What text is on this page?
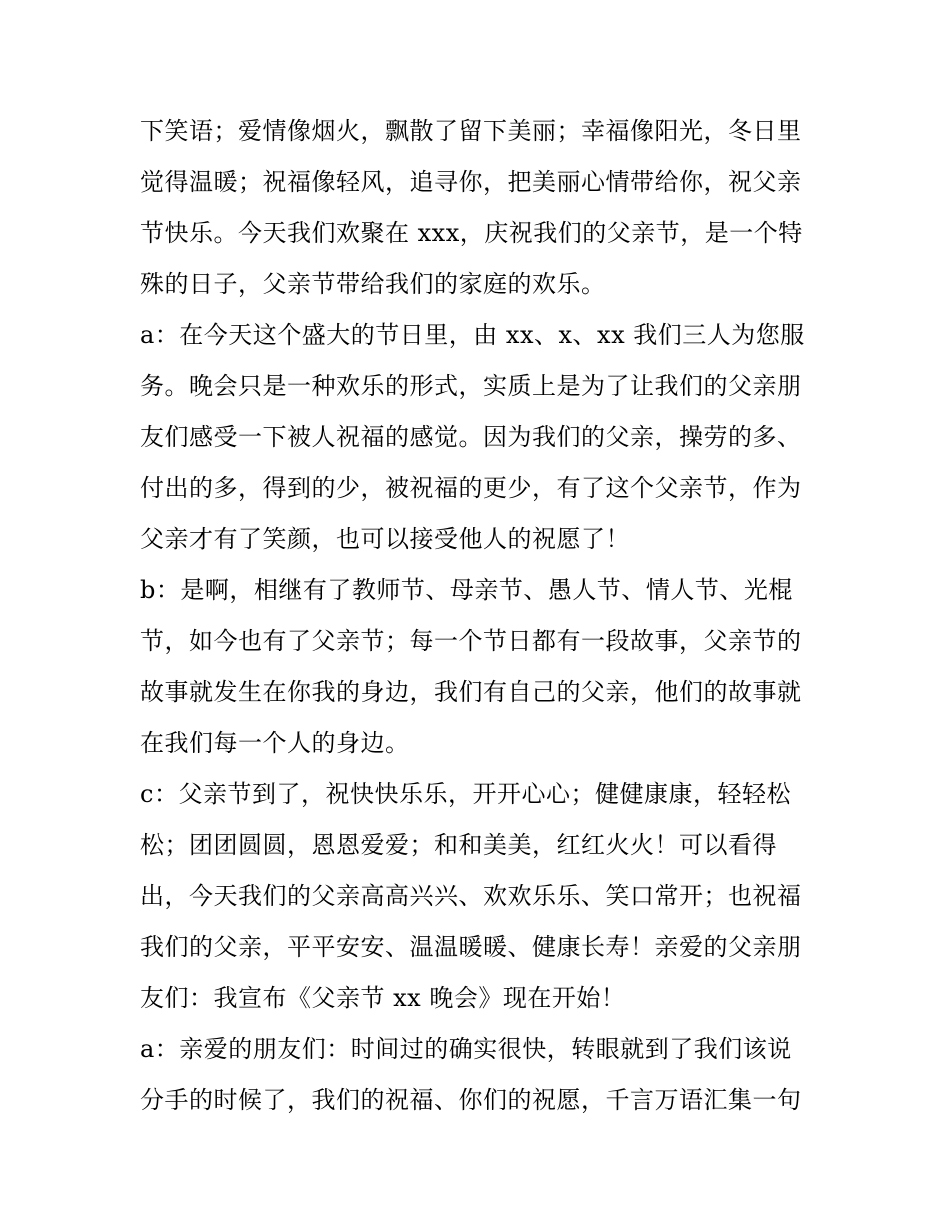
下笑语；爱情像烟火，飘散了留下美丽；幸福像阳光，冬日里
觉得温暖；祝福像轻风，追寻你，把美丽心情带给你，祝父亲
节快乐。今天我们欢聚在 xxx，庆祝我们的父亲节，是一个特
殊的日子，父亲节带给我们的家庭的欢乐。
a：在今天这个盛大的节日里，由 xx、x、xx 我们三人为您服
务。晚会只是一种欢乐的形式，实质上是为了让我们的父亲朋
友们感受一下被人祝福的感觉。因为我们的父亲，操劳的多、
付出的多，得到的少，被祝福的更少，有了这个父亲节，作为
父亲才有了笑颜，也可以接受他人的祝愿了！
b：是啊，相继有了教师节、母亲节、愚人节、情人节、光棍
节，如今也有了父亲节；每一个节日都有一段故事，父亲节的
故事就发生在你我的身边，我们有自己的父亲，他们的故事就
在我们每一个人的身边。
c：父亲节到了，祝快快乐乐，开开心心；健健康康，轻轻松
松；团团圆圆，恩恩爱爱；和和美美，红红火火！可以看得
出，今天我们的父亲高高兴兴、欢欢乐乐、笑口常开；也祝福
我们的父亲，平平安安、温温暖暖、健康长寿！亲爱的父亲朋
友们：我宣布《父亲节 xx 晚会》现在开始！
a：亲爱的朋友们：时间过的确实很快，转眼就到了我们该说
分手的时候了，我们的祝福、你们的祝愿，千言万语汇集一句
